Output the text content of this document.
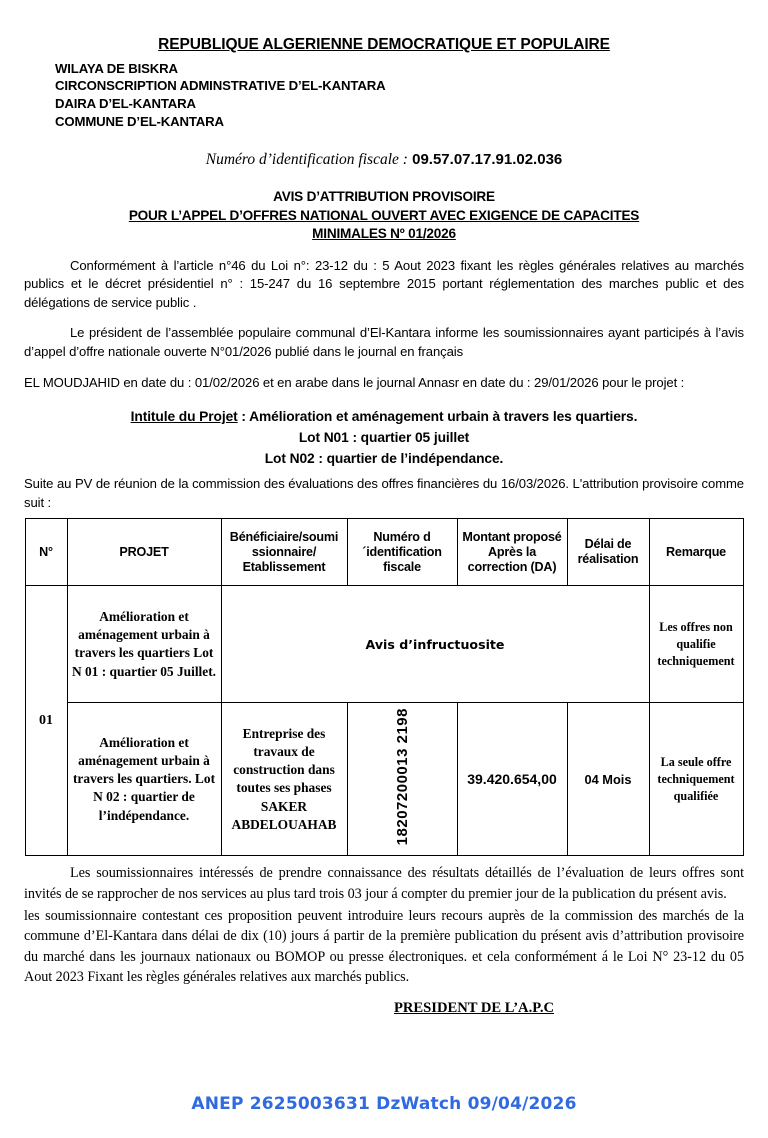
REPUBLIQUE ALGERIENNE DEMOCRATIQUE ET POPULAIRE
WILAYA DE BISKRA
CIRCONSCRIPTION ADMINSTRATIVE D’EL-KANTARA
DAIRA D’EL-KANTARA
COMMUNE D’EL-KANTARA
Numéro d’identification fiscale : 09.57.07.17.91.02.036
AVIS D’ATTRIBUTION PROVISOIRE
POUR L’APPEL D’OFFRES NATIONAL OUVERT AVEC EXIGENCE DE CAPACITES
MINIMALES Nº 01/2026

Conformément à l’article n°46 du Loi n°: 23-12 du : 5 Aout 2023 fixant les règles générales relatives au marchés publics et le décret présidentiel n° : 15-247 du 16 septembre 2015 portant réglementation des marches public et des délégations de service public .

Le président de l’assemblée populaire communal d’El-Kantara informe les soumissionnaires ayant participés à l’avis d’appel d’offre nationale ouverte N°01/2026 publié dans le journal en français

EL MOUDJAHID en date du : 01/02/2026 et en arabe dans le journal Annasr en date du : 29/01/2026 pour le projet :

Intitule du Projet : Amélioration et aménagement urbain à travers les quartiers.
Lot N01 : quartier 05 juillet
Lot N02 : quartier de l’indépendance.

Suite au PV de réunion de la commission des évaluations des offres financières du 16/03/2026. L'attribution provisoire comme suit :

N°	PROJET	Bénéficiaire/soumi ssionnaire/ Etablissement	Numéro d´identification fiscale	Montant proposé Après la correction (DA)	Délai de réalisation	Remarque
01	Amélioration et aménagement urbain à travers les quartiers Lot N 01 : quartier 05 Juillet.	Avis d’infructuosite				Les offres non qualifie techniquement
	Amélioration et aménagement urbain à travers les quartiers. Lot N 02 : quartier de l’indépendance.	Entreprise des travaux de construction dans toutes ses phases SAKER ABDELOUAHAB	18207200013 2198	39.420.654,00	04 Mois	La seule offre techniquement qualifiée

Les soumissionnaires intéressés de prendre connaissance des résultats détaillés de l’évaluation de leurs offres sont invités de se rapprocher de nos services au plus tard trois 03 jour á compter du premier jour de la publication du présent avis.

les soumissionnaire contestant ces proposition peuvent introduire leurs recours auprès de la commission des marchés de la commune d’El-Kantara dans délai de dix (10) jours á partir de la première publication du présent avis d’attribution provisoire du marché dans les journaux nationaux ou BOMOP ou presse électroniques. et cela conformément á le Loi N° 23-12 du 05 Aout 2023 Fixant les règles générales relatives aux marchés publics.

PRESIDENT DE L’A.P.C
ANEP 2625003631 DzWatch 09/04/2026
